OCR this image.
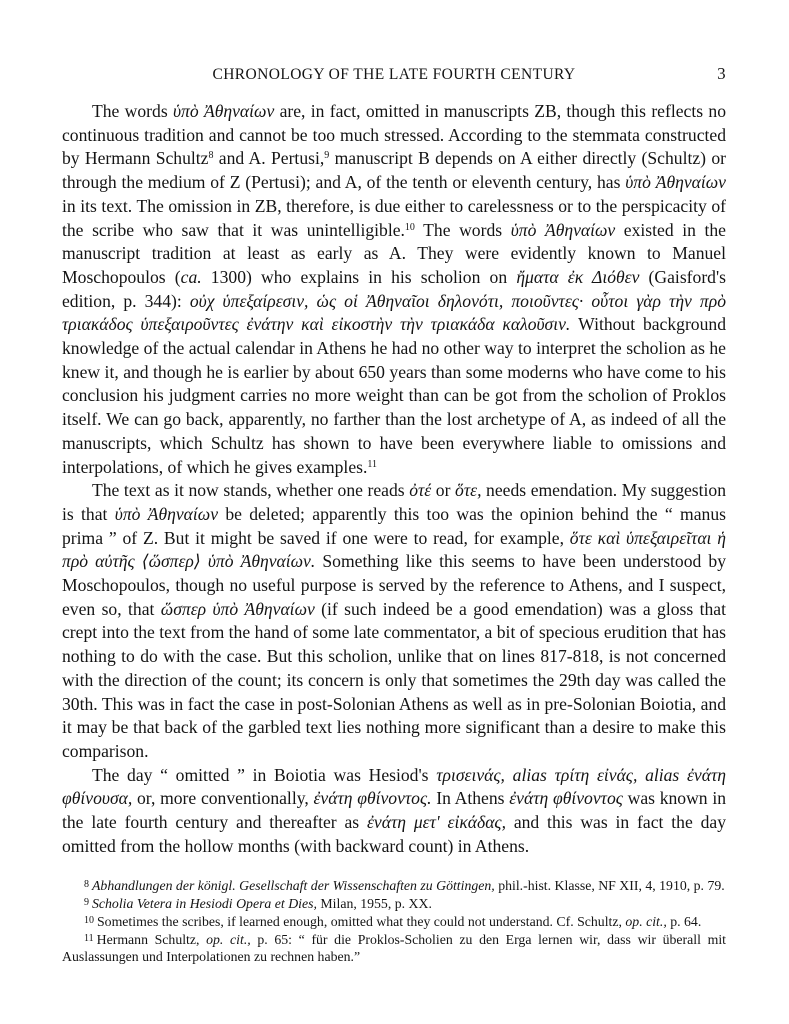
CHRONOLOGY OF THE LATE FOURTH CENTURY	3

The words ὑπὸ Ἀθηναίων are, in fact, omitted in manuscripts ZB, though this reflects no continuous tradition and cannot be too much stressed. According to the stemmata constructed by Hermann Schultz$^8$ and A. Pertusi,$^9$ manuscript B depends on A either directly (Schultz) or through the medium of Z (Pertusi); and A, of the tenth or eleventh century, has ὑπὸ Ἀθηναίων in its text. The omission in ZB, therefore, is due either to carelessness or to the perspicacity of the scribe who saw that it was unintelligible.$^{10}$ The words ὑπὸ Ἀθηναίων existed in the manuscript tradition at least as early as A. They were evidently known to Manuel Moschopoulos (ca. 1300) who explains in his scholion on ἤματα ἐκ Διόθεν (Gaisford's edition, p. 344): οὐχ ὑπεξαίρεσιν, ὡς οἱ Ἀθηναῖοι δηλονότι, ποιοῦντες· οὗτοι γὰρ τὴν πρὸ τριακάδος ὑπεξαιροῦντες ἐνάτην καὶ εἰκοστὴν τὴν τριακάδα καλοῦσιν. Without background knowledge of the actual calendar in Athens he had no other way to interpret the scholion as he knew it, and though he is earlier by about 650 years than some moderns who have come to his conclusion his judgment carries no more weight than can be got from the scholion of Proklos itself. We can go back, apparently, no farther than the lost archetype of A, as indeed of all the manuscripts, which Schultz has shown to have been everywhere liable to omissions and interpolations, of which he gives examples.$^{11}$

The text as it now stands, whether one reads ὀτέ or ὅτε, needs emendation. My suggestion is that ὑπὸ Ἀθηναίων be deleted; apparently this too was the opinion behind the “ manus prima ” of Z. But it might be saved if one were to read, for example, ὅτε καὶ ὑπεξαιρεῖται ἡ πρὸ αὐτῆς ⟨ὥσπερ⟩ ὑπὸ Ἀθηναίων. Something like this seems to have been understood by Moschopoulos, though no useful purpose is served by the reference to Athens, and I suspect, even so, that ὥσπερ ὑπὸ Ἀθηναίων (if such indeed be a good emendation) was a gloss that crept into the text from the hand of some late commentator, a bit of specious erudition that has nothing to do with the case. But this scholion, unlike that on lines 817-818, is not concerned with the direction of the count; its concern is only that sometimes the 29th day was called the 30th. This was in fact the case in post-Solonian Athens as well as in pre-Solonian Boiotia, and it may be that back of the garbled text lies nothing more significant than a desire to make this comparison.

The day “ omitted ” in Boiotia was Hesiod's τρισεινάς, alias τρίτη εἰνάς, alias ἐνάτη φθίνουσα, or, more conventionally, ἐνάτη φθίνοντος. In Athens ἐνάτη φθίνοντος was known in the late fourth century and thereafter as ἐνάτη μετ' εἰκάδας, and this was in fact the day omitted from the hollow months (with backward count) in Athens.

$^8$ Abhandlungen der königl. Gesellschaft der Wissenschaften zu Göttingen, phil.-hist. Klasse, NF XII, 4, 1910, p. 79.

$^9$ Scholia Vetera in Hesiodi Opera et Dies, Milan, 1955, p. XX.

$^{10}$ Sometimes the scribes, if learned enough, omitted what they could not understand. Cf. Schultz, op. cit., p. 64.

$^{11}$ Hermann Schultz, op. cit., p. 65: “ für die Proklos-Scholien zu den Erga lernen wir, dass wir überall mit Auslassungen und Interpolationen zu rechnen haben.”
